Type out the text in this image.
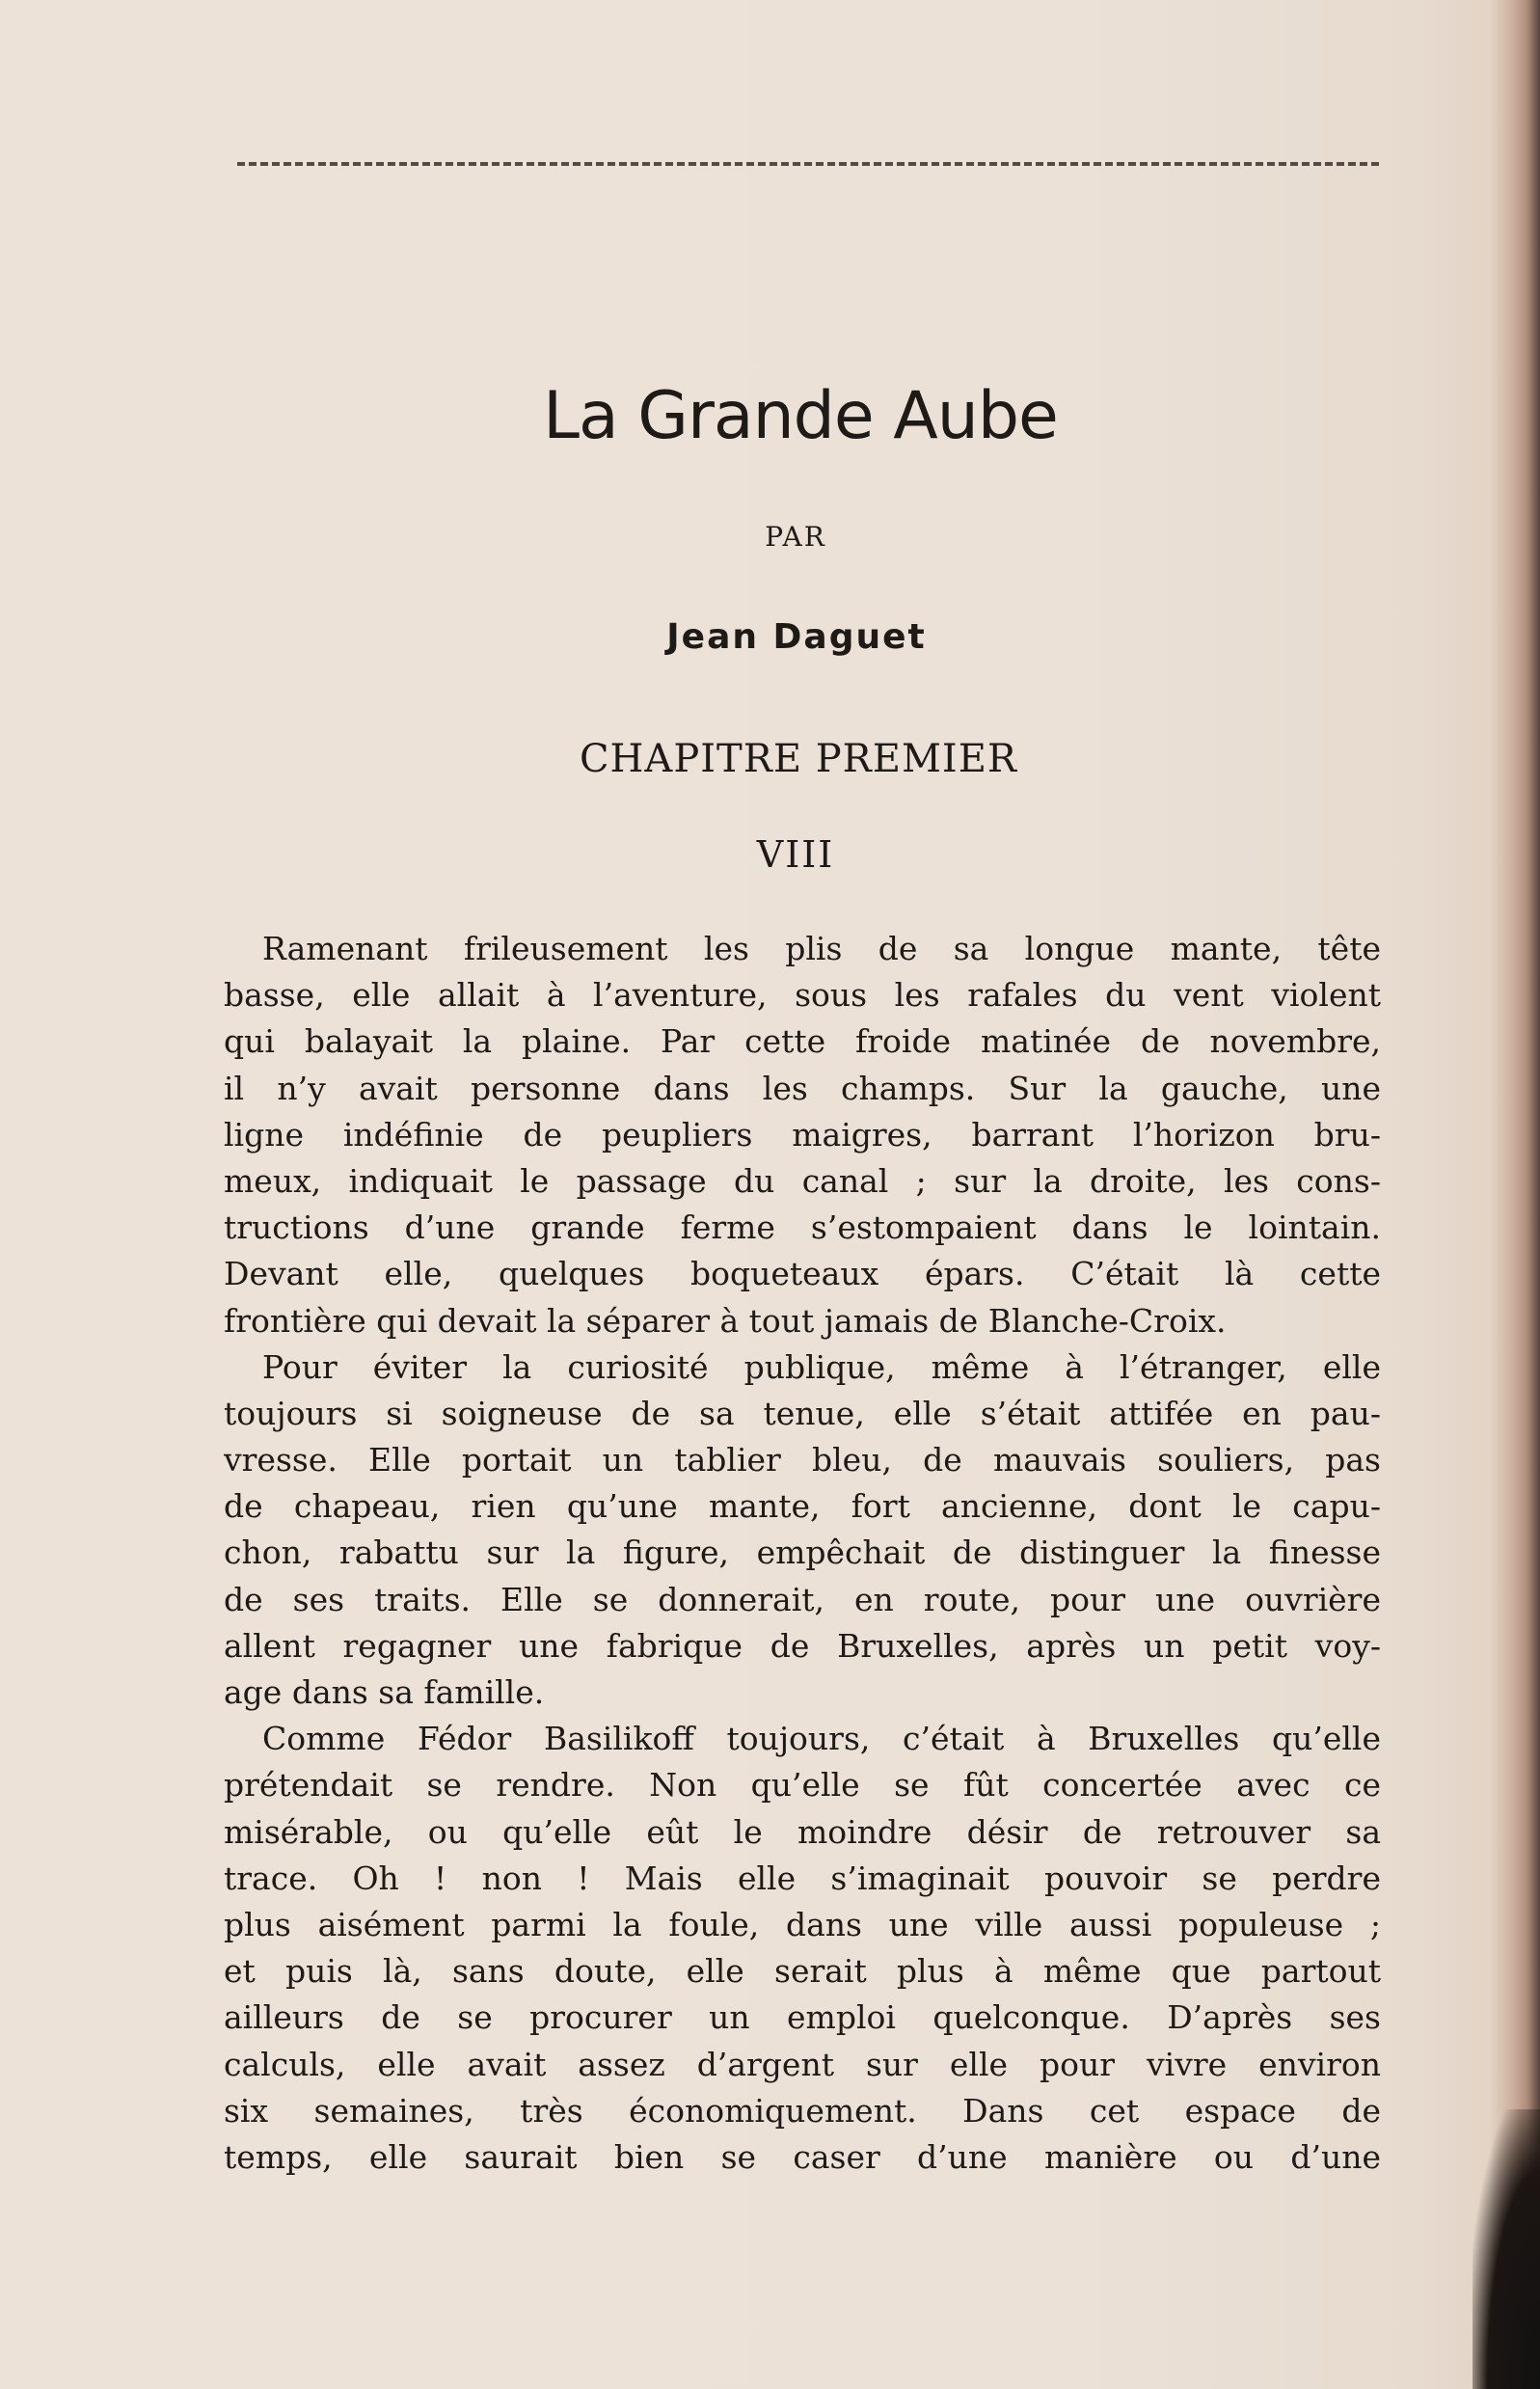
La Grande Aube
PAR
Jean Daguet
CHAPITRE PREMIER
VIII
Ramenant frileusement les plis de sa longue mante, tête
basse, elle allait à l’aventure, sous les rafales du vent violent
qui balayait la plaine. Par cette froide matinée de novembre,
il n’y avait personne dans les champs. Sur la gauche, une
ligne indéfinie de peupliers maigres, barrant l’horizon bru-
meux, indiquait le passage du canal ; sur la droite, les cons-
tructions d’une grande ferme s’estompaient dans le lointain.
Devant elle, quelques boqueteaux épars. C’était là cette
frontière qui devait la séparer à tout jamais de Blanche-Croix.
Pour éviter la curiosité publique, même à l’étranger, elle
toujours si soigneuse de sa tenue, elle s’était attifée en pau-
vresse. Elle portait un tablier bleu, de mauvais souliers, pas
de chapeau, rien qu’une mante, fort ancienne, dont le capu-
chon, rabattu sur la figure, empêchait de distinguer la finesse
de ses traits. Elle se donnerait, en route, pour une ouvrière
allent regagner une fabrique de Bruxelles, après un petit voy-
age dans sa famille.
Comme Fédor Basilikoff toujours, c’était à Bruxelles qu’elle
prétendait se rendre. Non qu’elle se fût concertée avec ce
misérable, ou qu’elle eût le moindre désir de retrouver sa
trace. Oh ! non ! Mais elle s’imaginait pouvoir se perdre
plus aisément parmi la foule, dans une ville aussi populeuse ;
et puis là, sans doute, elle serait plus à même que partout
ailleurs de se procurer un emploi quelconque. D’après ses
calculs, elle avait assez d’argent sur elle pour vivre environ
six semaines, très économiquement. Dans cet espace de
temps, elle saurait bien se caser d’une manière ou d’une
